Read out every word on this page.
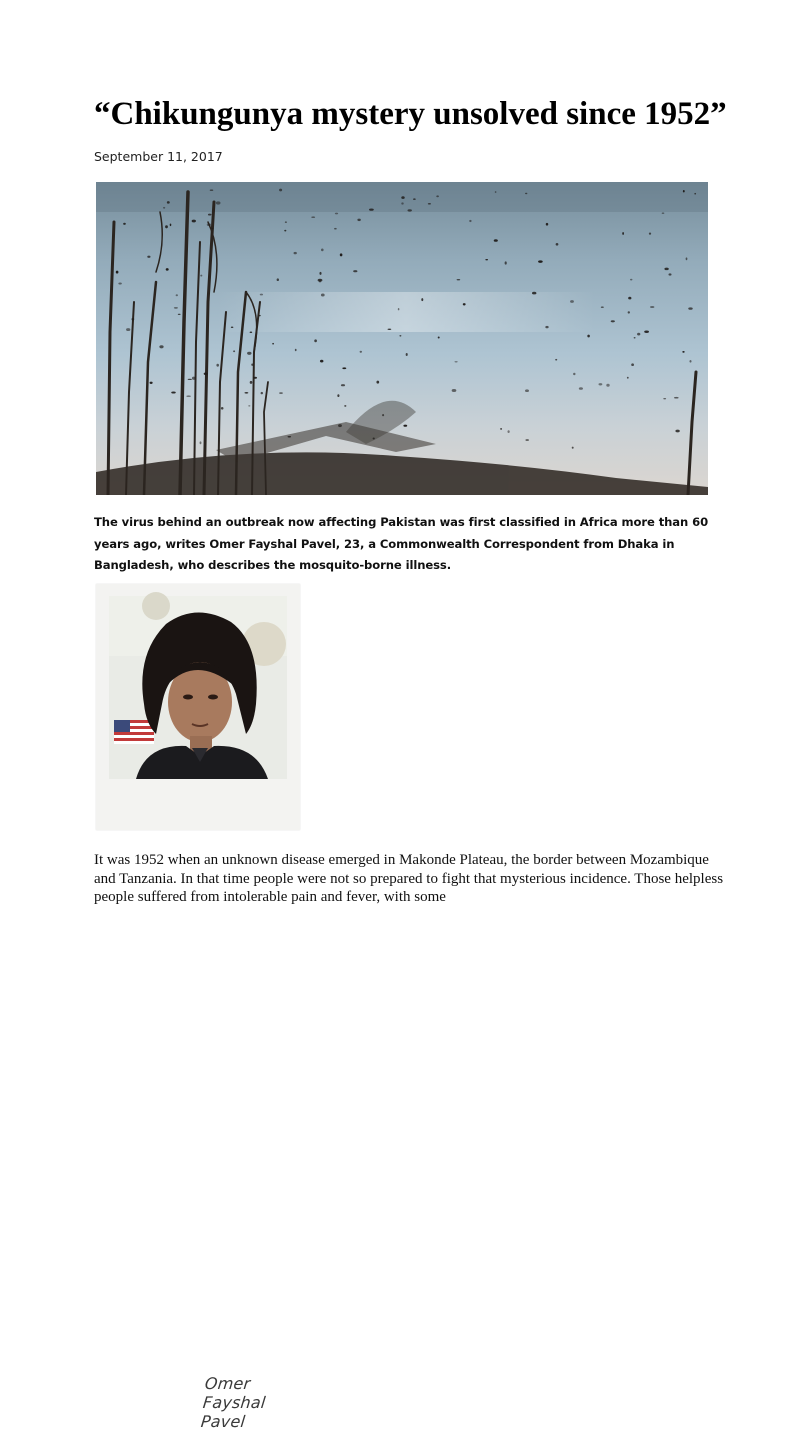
“Chikungunya mystery unsolved since 1952”
September 11, 2017

The virus behind an outbreak now affecting Pakistan was first classified in Africa more than 60 years ago, writes Omer Fayshal Pavel, 23, a Commonwealth Correspondent from Dhaka in Bangladesh, who describes the mosquito-borne illness.

Omer Fayshal Pavel

It was 1952 when an unknown disease emerged in Makonde Plateau, the border between Mozambique and Tanzania. In that time people were not so prepared to fight that mysterious incidence. Those helpless people suffered from intolerable pain and fever, with some
